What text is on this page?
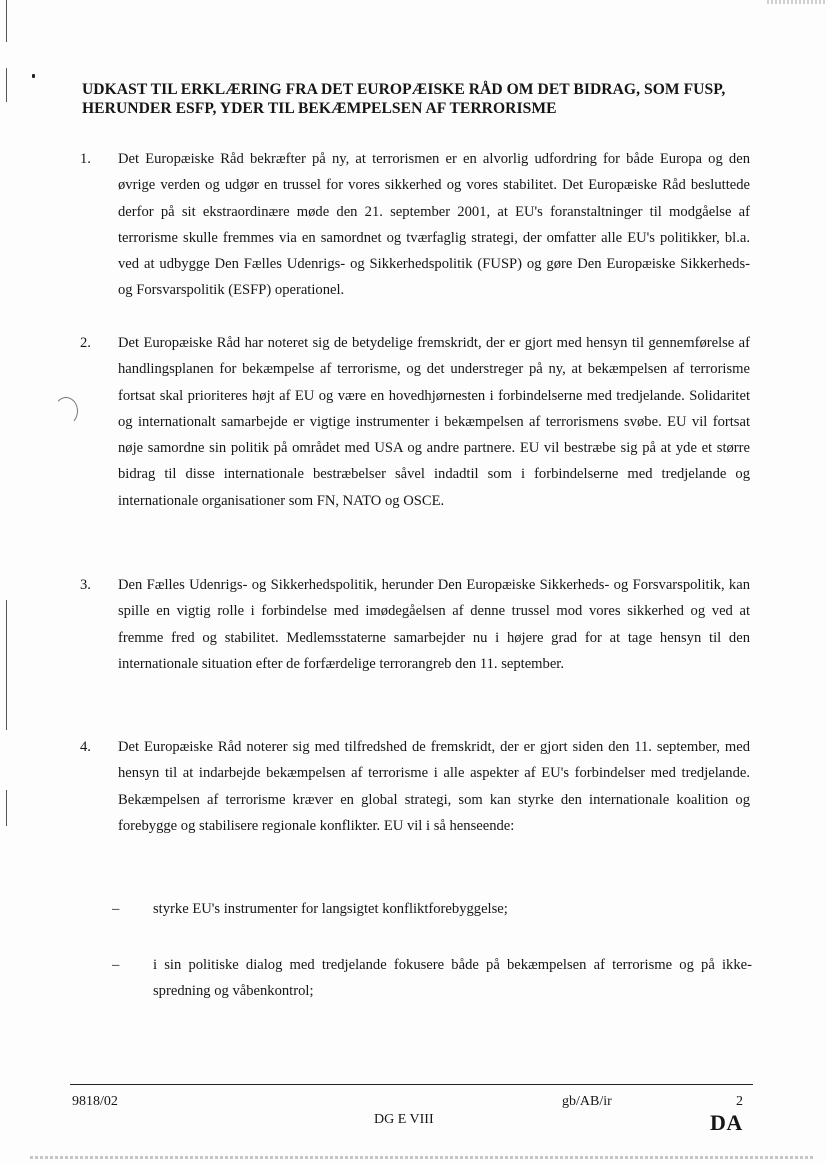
UDKAST TIL ERKLÆRING FRA DET EUROPÆISKE RÅD OM DET BIDRAG, SOM FUSP, HERUNDER ESFP, YDER TIL BEKÆMPELSEN AF TERRORISME
1.	Det Europæiske Råd bekræfter på ny, at terrorismen er en alvorlig udfordring for både Europa og den øvrige verden og udgør en trussel for vores sikkerhed og vores stabilitet. Det Europæiske Råd besluttede derfor på sit ekstraordinære møde den 21. september 2001, at EU's foranstaltninger til modgåelse af terrorisme skulle fremmes via en samordnet og tværfaglig strategi, der omfatter alle EU's politikker, bl.a. ved at udbygge Den Fælles Udenrigs- og Sikkerhedspolitik (FUSP) og gøre Den Europæiske Sikkerheds- og Forsvarspolitik (ESFP) operationel.
2.	Det Europæiske Råd har noteret sig de betydelige fremskridt, der er gjort med hensyn til gennemførelse af handlingsplanen for bekæmpelse af terrorisme, og det understreger på ny, at bekæmpelsen af terrorisme fortsat skal prioriteres højt af EU og være en hovedhjørnesten i forbindelserne med tredjelande. Solidaritet og internationalt samarbejde er vigtige instrumenter i bekæmpelsen af terrorismens svøbe. EU vil fortsat nøje samordne sin politik på området med USA og andre partnere. EU vil bestræbe sig på at yde et større bidrag til disse internationale bestræbelser såvel indadtil som i forbindelserne med tredjelande og internationale organisationer som FN, NATO og OSCE.
3.	Den Fælles Udenrigs- og Sikkerhedspolitik, herunder Den Europæiske Sikkerheds- og Forsvarspolitik, kan spille en vigtig rolle i forbindelse med imødegåelsen af denne trussel mod vores sikkerhed og ved at fremme fred og stabilitet. Medlemsstaterne samarbejder nu i højere grad for at tage hensyn til den internationale situation efter de forfærdelige terrorangreb den 11. september.
4.	Det Europæiske Råd noterer sig med tilfredshed de fremskridt, der er gjort siden den 11. september, med hensyn til at indarbejde bekæmpelsen af terrorisme i alle aspekter af EU's forbindelser med tredjelande. Bekæmpelsen af terrorisme kræver en global strategi, som kan styrke den internationale koalition og forebygge og stabilisere regionale konflikter. EU vil i så henseende:
–	styrke EU's instrumenter for langsigtet konfliktforebyggelse;
–	i sin politiske dialog med tredjelande fokusere både på bekæmpelsen af terrorisme og på ikke-spredning og våbenkontrol;
9818/02
DG E VIII
gb/AB/ir	2
DA
